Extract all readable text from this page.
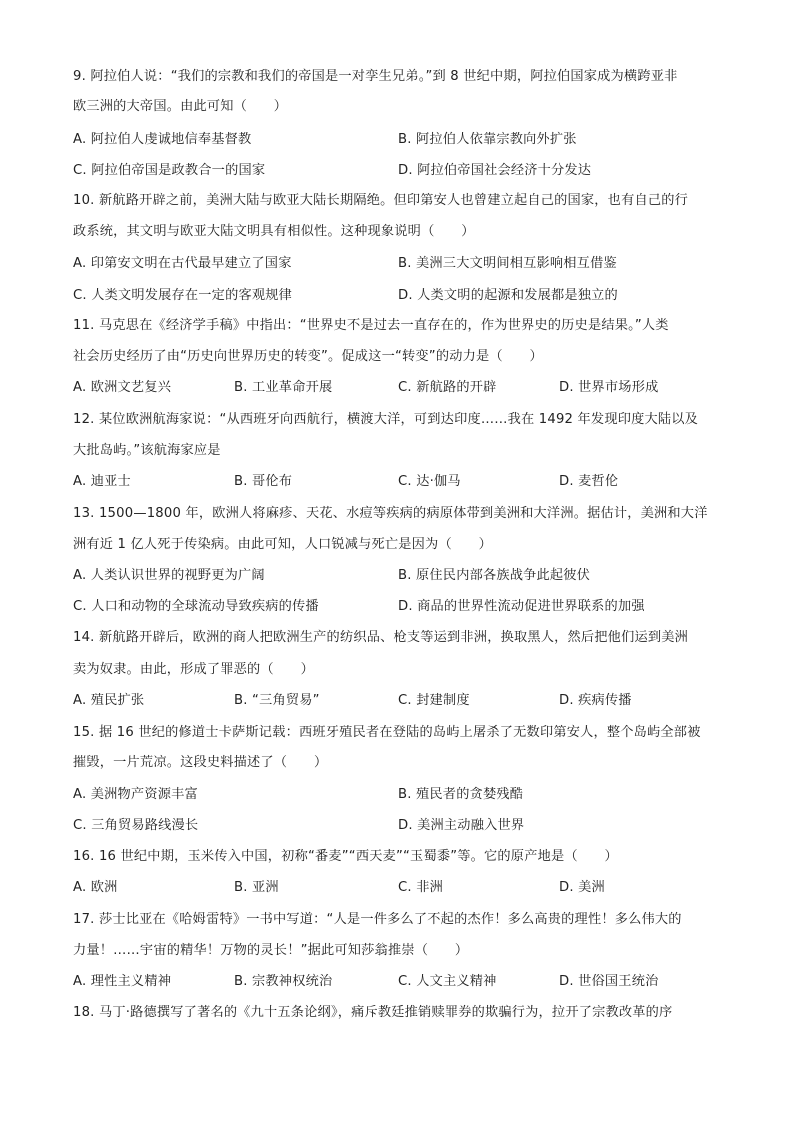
9. 阿拉伯人说：“我们的宗教和我们的帝国是一对孪生兄弟。”到 8 世纪中期，阿拉伯国家成为横跨亚非
欧三洲的大帝国。由此可知（　　）
A. 阿拉伯人虔诚地信奉基督教	B. 阿拉伯人依靠宗教向外扩张
C. 阿拉伯帝国是政教合一的国家	D. 阿拉伯帝国社会经济十分发达
10. 新航路开辟之前，美洲大陆与欧亚大陆长期隔绝。但印第安人也曾建立起自己的国家，也有自己的行
政系统，其文明与欧亚大陆文明具有相似性。这种现象说明（　　）
A. 印第安文明在古代最早建立了国家	B. 美洲三大文明间相互影响相互借鉴
C. 人类文明发展存在一定的客观规律	D. 人类文明的起源和发展都是独立的
11. 马克思在《经济学手稿》中指出：“世界史不是过去一直存在的，作为世界史的历史是结果。”人类
社会历史经历了由“历史向世界历史的转变”。促成这一“转变”的动力是（　　）
A. 欧洲文艺复兴	B. 工业革命开展	C. 新航路的开辟	D. 世界市场形成
12. 某位欧洲航海家说：“从西班牙向西航行，横渡大洋，可到达印度……我在 1492 年发现印度大陆以及
大批岛屿。”该航海家应是
A. 迪亚士	B. 哥伦布	C. 达·伽马	D. 麦哲伦
13. 1500—1800 年，欧洲人将麻疹、天花、水痘等疾病的病原体带到美洲和大洋洲。据估计，美洲和大洋
洲有近 1 亿人死于传染病。由此可知，人口锐减与死亡是因为（　　）
A. 人类认识世界的视野更为广阔	B. 原住民内部各族战争此起彼伏
C. 人口和动物的全球流动导致疾病的传播	D. 商品的世界性流动促进世界联系的加强
14. 新航路开辟后，欧洲的商人把欧洲生产的纺织品、枪支等运到非洲，换取黑人，然后把他们运到美洲
卖为奴隶。由此，形成了罪恶的（　　）
A. 殖民扩张	B. “三角贸易”	C. 封建制度	D. 疾病传播
15. 据 16 世纪的修道士卡萨斯记载：西班牙殖民者在登陆的岛屿上屠杀了无数印第安人，整个岛屿全部被
摧毁，一片荒凉。这段史料描述了（　　）
A. 美洲物产资源丰富	B. 殖民者的贪婪残酷
C. 三角贸易路线漫长	D. 美洲主动融入世界
16. 16 世纪中期，玉米传入中国，初称“番麦”“西天麦”“玉蜀黍”等。它的原产地是（　　）
A. 欧洲	B. 亚洲	C. 非洲	D. 美洲
17. 莎士比亚在《哈姆雷特》一书中写道：“人是一件多么了不起的杰作！多么高贵的理性！多么伟大的
力量！……宇宙的精华！万物的灵长！”据此可知莎翁推崇（　　）
A. 理性主义精神	B. 宗教神权统治	C. 人文主义精神	D. 世俗国王统治
18. 马丁·路德撰写了著名的《九十五条论纲》，痛斥教廷推销赎罪券的欺骗行为，拉开了宗教改革的序
